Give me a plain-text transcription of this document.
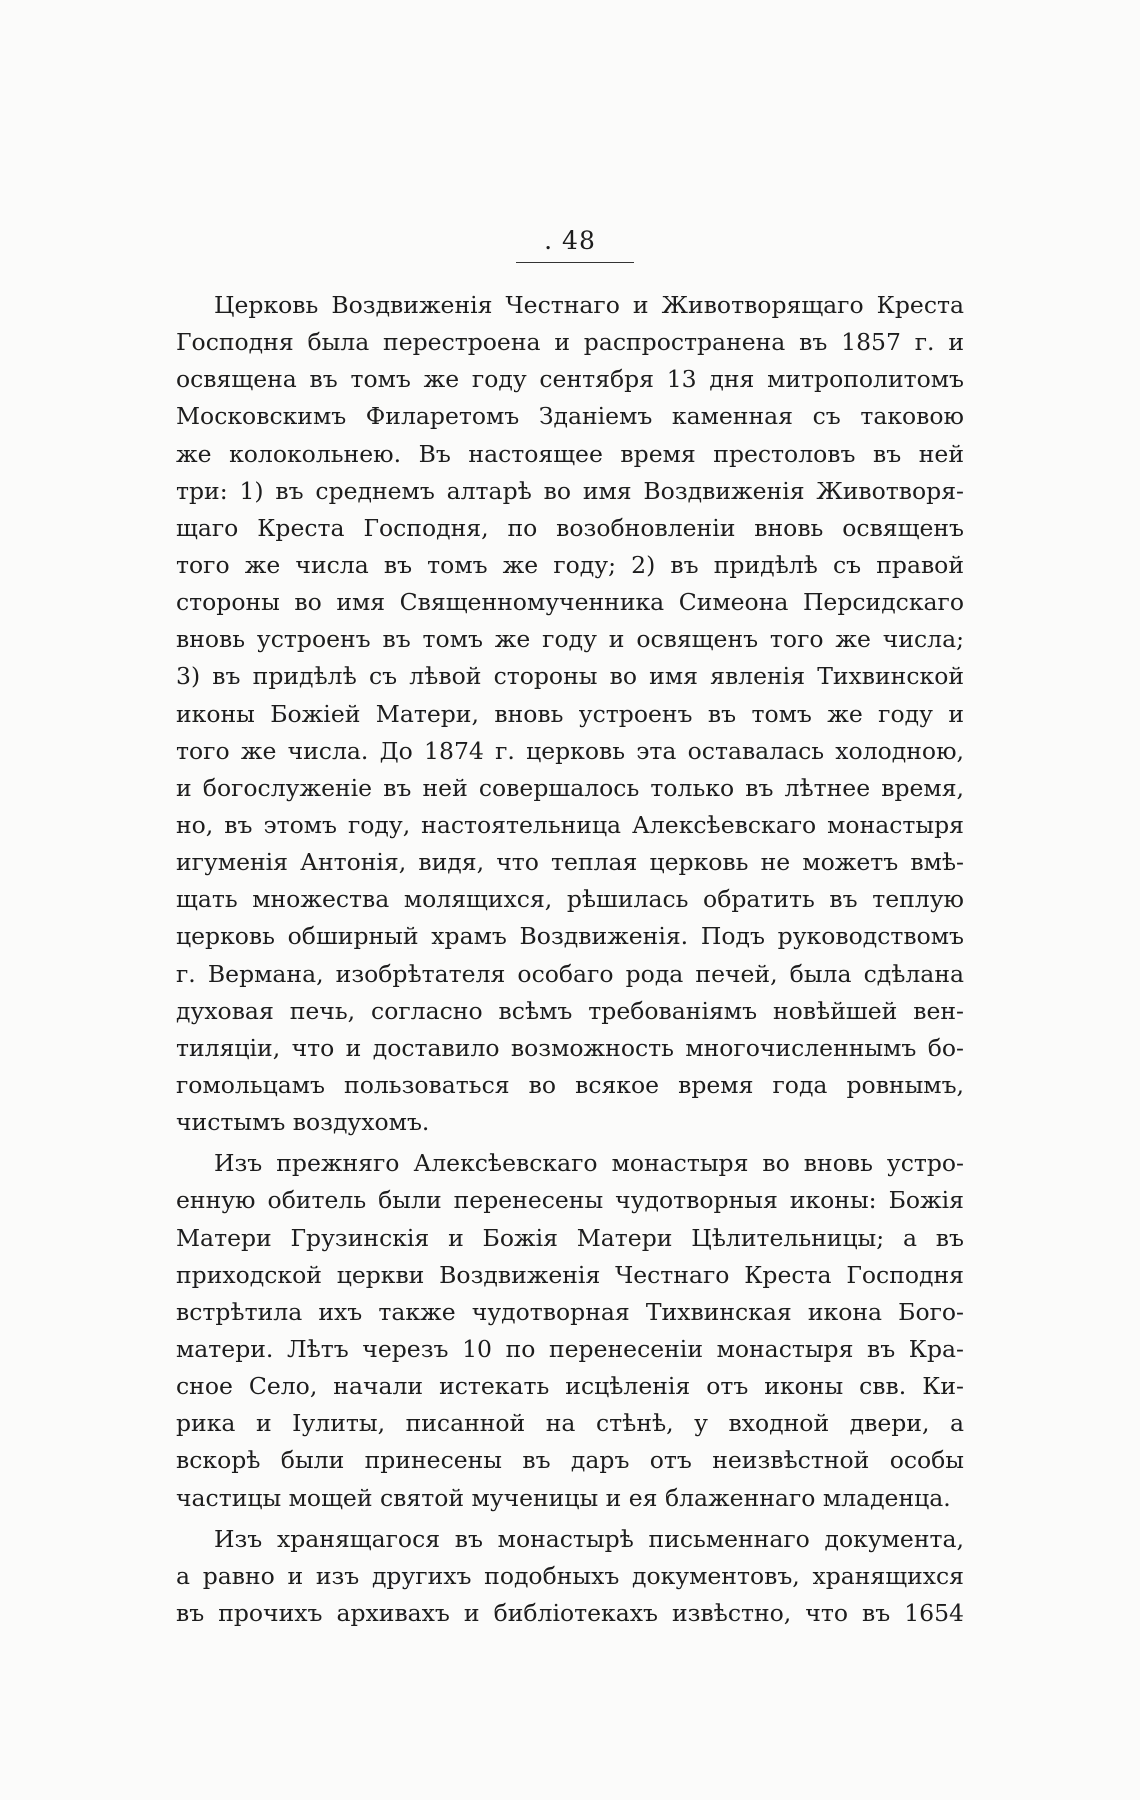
. 48
Церковь Воздвиженія Честнаго и Животворящаго Креста
Господня была перестроена и распространена въ 1857 г. и
освящена въ томъ же году сентября 13 дня митрополитомъ
Московскимъ Филаретомъ Зданіемъ каменная съ таковою
же колокольнею. Въ настоящее время престоловъ въ ней
три: 1) въ среднемъ алтарѣ во имя Воздвиженія Животворя-
щаго Креста Господня, по возобновленіи вновь освященъ
того же числа въ томъ же году; 2) въ придѣлѣ съ правой
стороны во имя Священномученника Симеона Персидскаго
вновь устроенъ въ томъ же году и освященъ того же числа;
3) въ придѣлѣ съ лѣвой стороны во имя явленія Тихвинской
иконы Божіей Матери, вновь устроенъ въ томъ же году и
того же числа. До 1874 г. церковь эта оставалась холодною,
и богослуженіе въ ней совершалось только въ лѣтнее время,
но, въ этомъ году, настоятельница Алексѣевскаго монастыря
игуменія Антонія, видя, что теплая церковь не можетъ вмѣ-
щать множества молящихся, рѣшилась обратить въ теплую
церковь обширный храмъ Воздвиженія. Подъ руководствомъ
г. Вермана, изобрѣтателя особаго рода печей, была сдѣлана
духовая печь, согласно всѣмъ требованіямъ новѣйшей вен-
тиляціи, что и доставило возможность многочисленнымъ бо-
гомольцамъ пользоваться во всякое время года ровнымъ,
чистымъ воздухомъ.
Изъ прежняго Алексѣевскаго монастыря во вновь устро-
енную обитель были перенесены чудотворныя иконы: Божія
Матери Грузинскія и Божія Матери Цѣлительницы; а въ
приходской церкви Воздвиженія Честнаго Креста Господня
встрѣтила ихъ также чудотворная Тихвинская икона Бого-
матери. Лѣтъ черезъ 10 по перенесеніи монастыря въ Кра-
сное Село, начали истекать исцѣленія отъ иконы свв. Ки-
рика и Іулиты, писанной на стѣнѣ, у входной двери, а
вскорѣ были принесены въ даръ отъ неизвѣстной особы
частицы мощей святой мученицы и ея блаженнаго младенца.
Изъ хранящагося въ монастырѣ письменнаго документа,
а равно и изъ другихъ подобныхъ документовъ, хранящихся
въ прочихъ архивахъ и библіотекахъ извѣстно, что въ 1654
